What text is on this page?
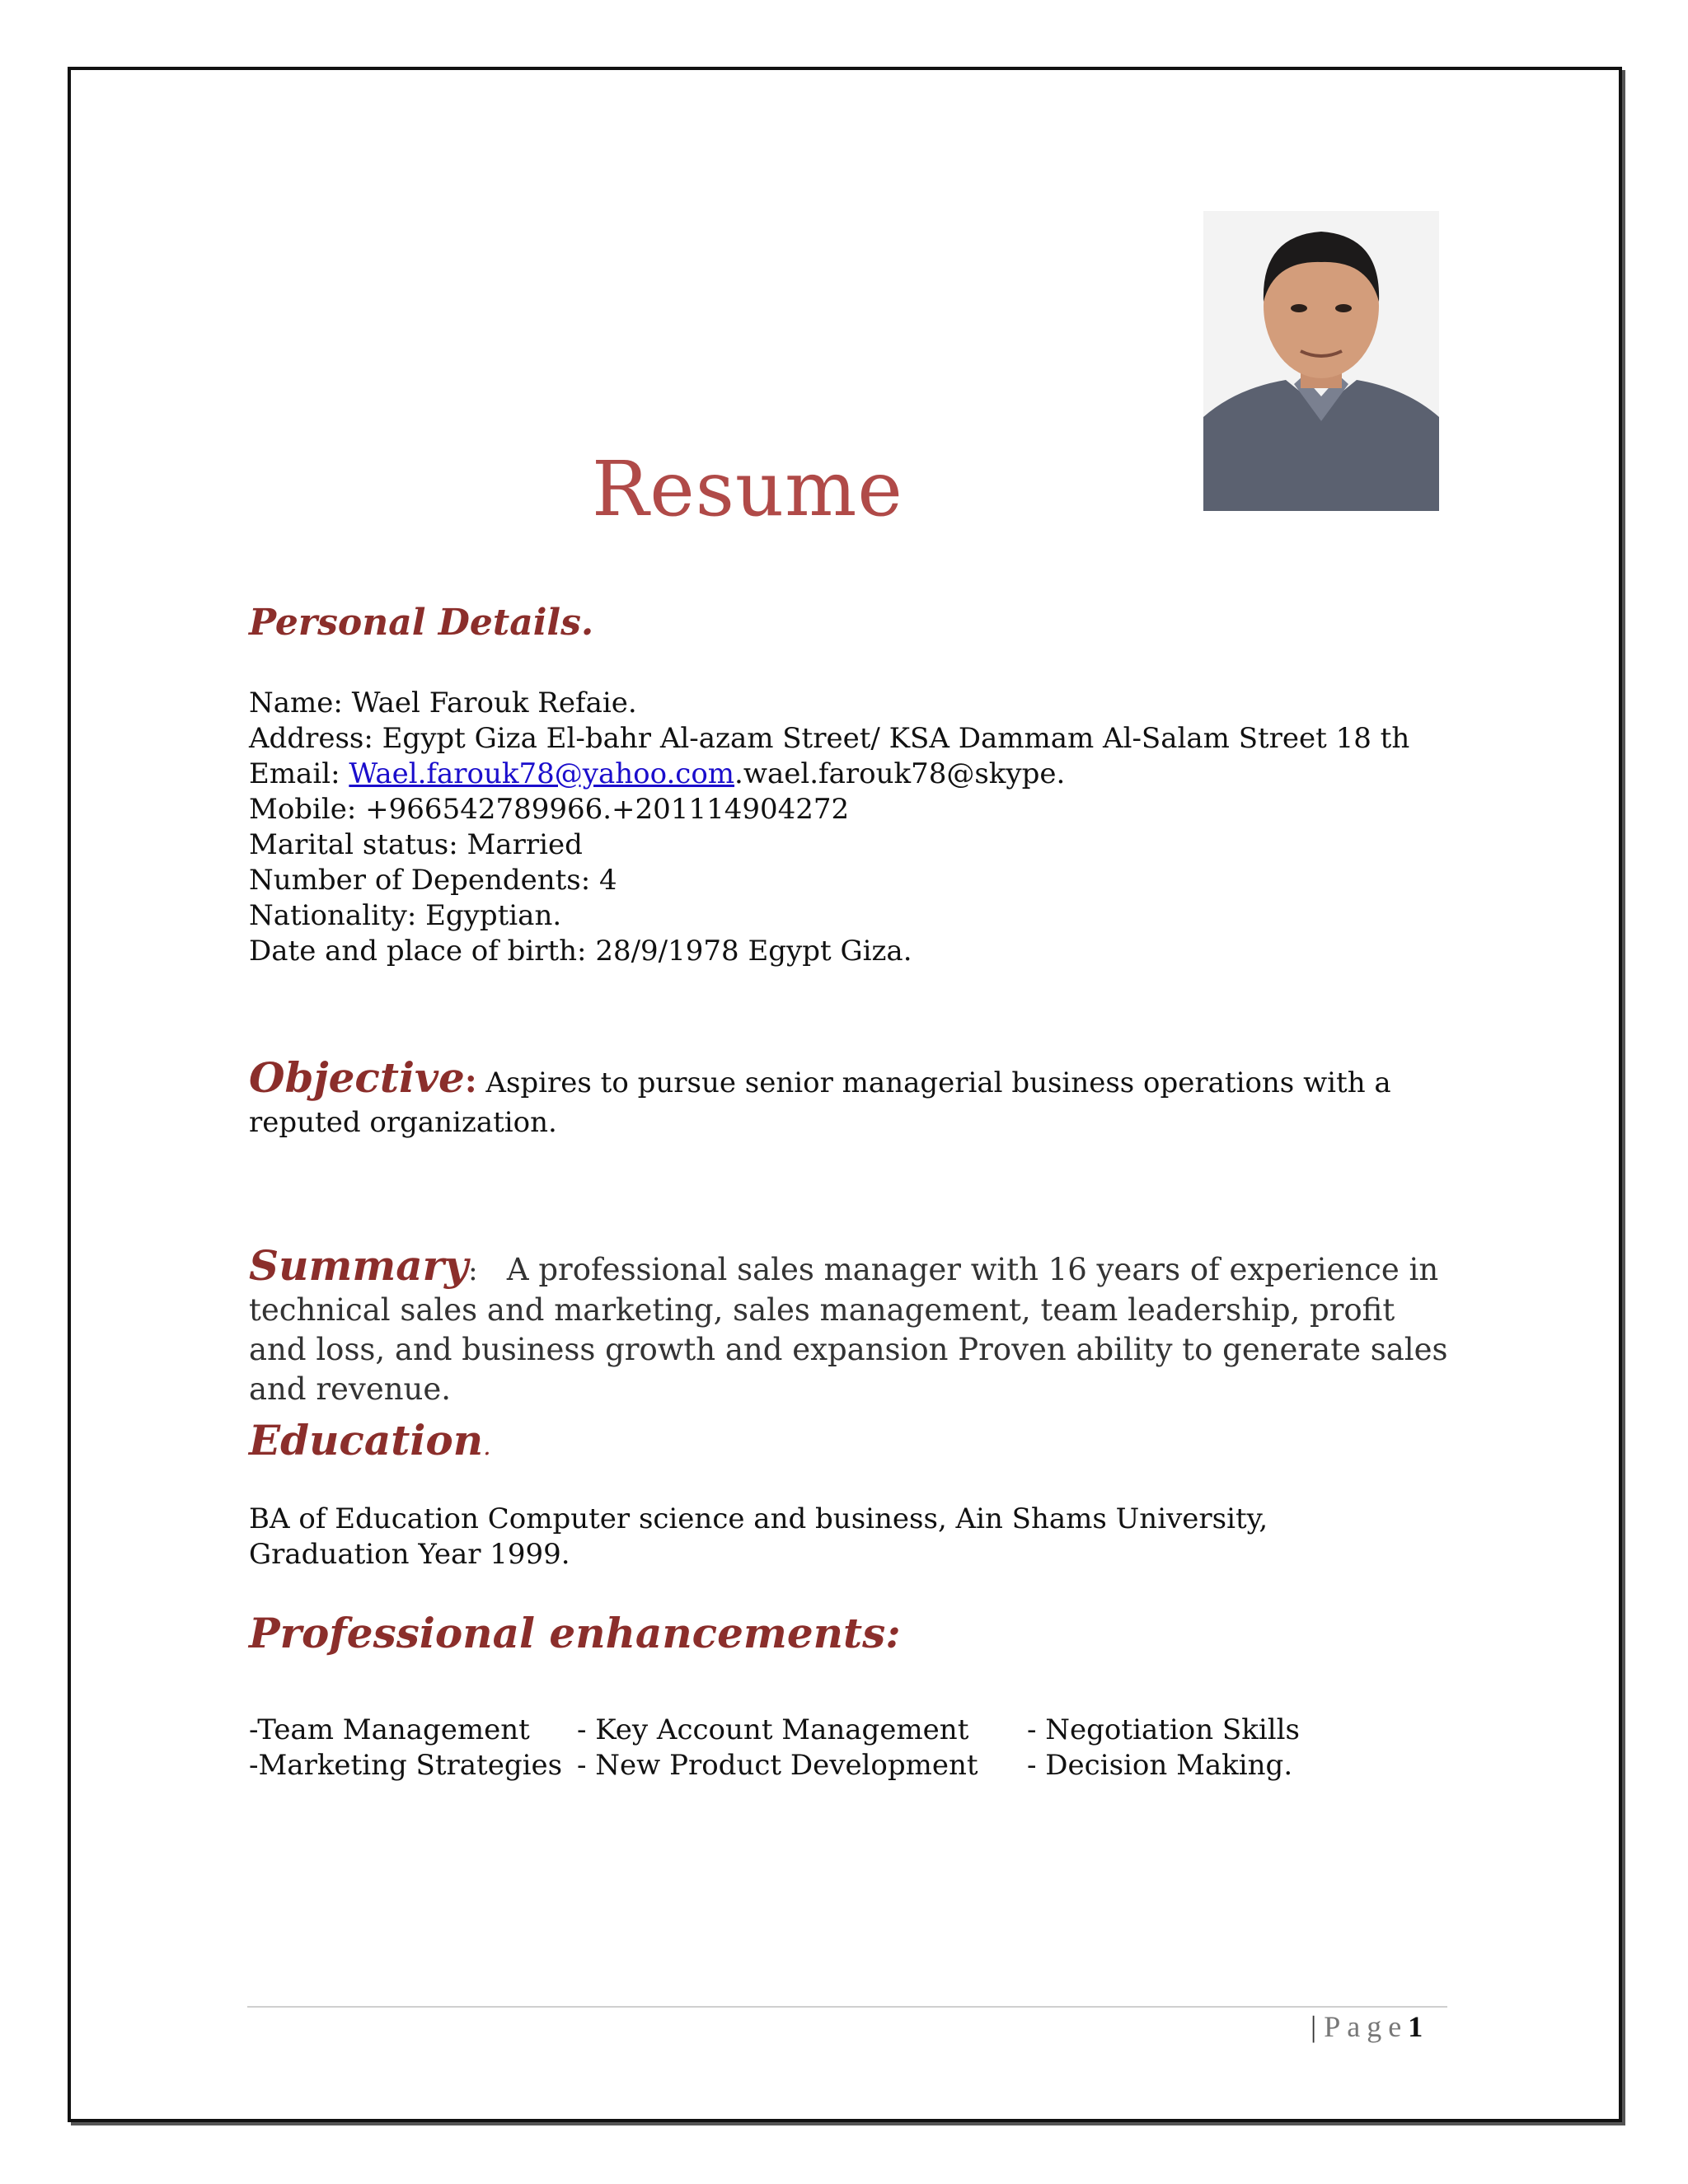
Resume
Personal Details.
Name: Wael Farouk Refaie.
Address: Egypt Giza El-bahr Al-azam Street/ KSA Dammam Al-Salam Street 18 th
Email: Wael.farouk78@yahoo.com.wael.farouk78@skype.
Mobile: +966542789966.+201114904272
Marital status: Married
Number of Dependents: 4
Nationality: Egyptian.
Date and place of birth: 28/9/1978 Egypt Giza.
Objective: Aspires to pursue senior managerial business operations with a reputed organization.
Summary: A professional sales manager with 16 years of experience in technical sales and marketing, sales management, team leadership, profit and loss, and business growth and expansion Proven ability to generate sales and revenue.
Education.
BA of Education Computer science and business, Ain Shams University, Graduation Year 1999.
Professional enhancements:
-Team Management - Key Account Management - Negotiation Skills
-Marketing Strategies - New Product Development - Decision Making.
| Page1
